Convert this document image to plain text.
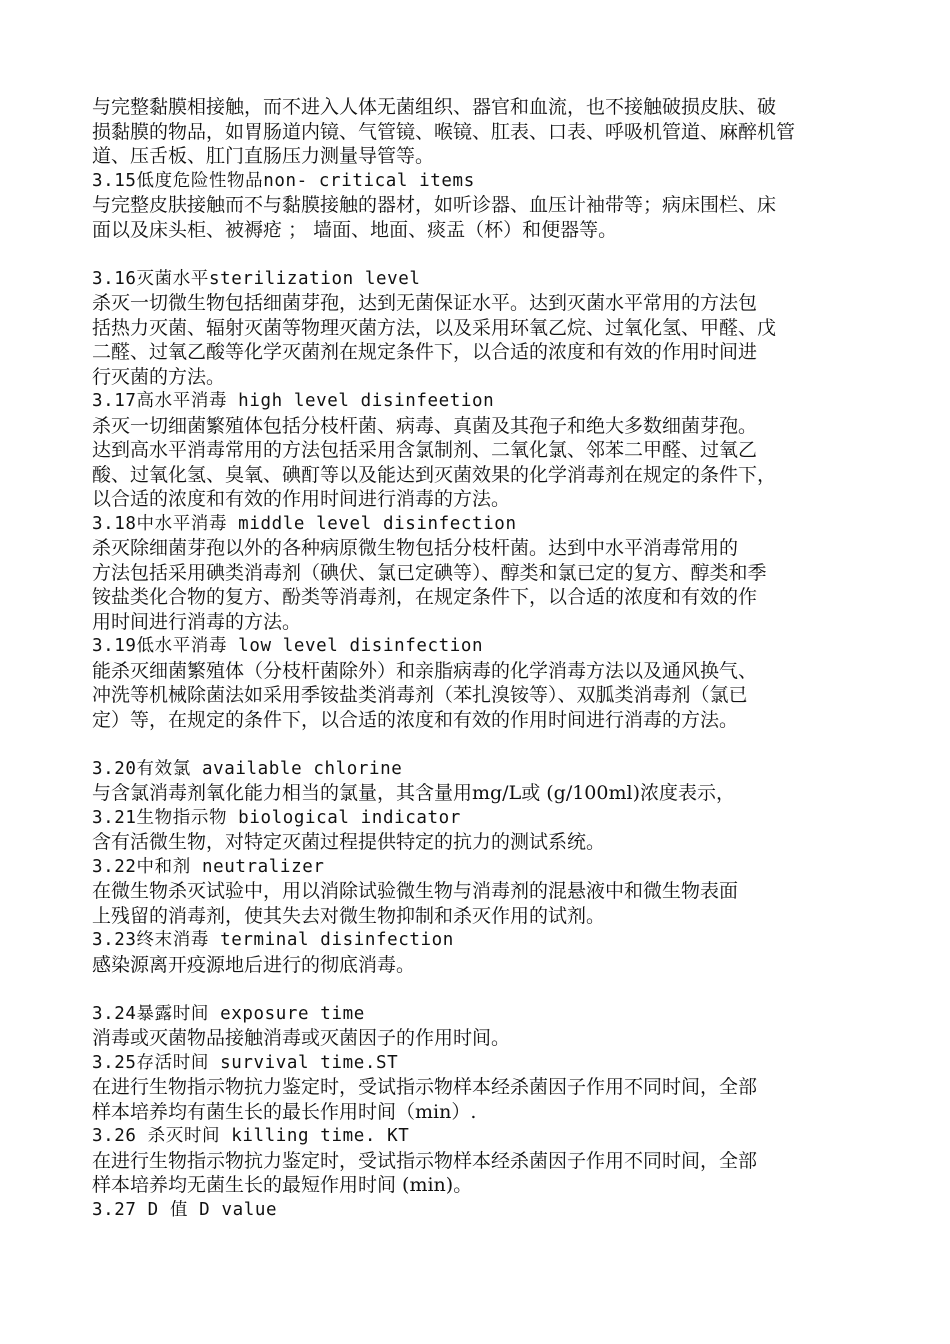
与完整黏膜相接触，而不进入人体无菌组织、器官和血流，也不接触破损皮肤、破
损黏膜的物品，如胃肠道内镜、气管镜、喉镜、肛表、口表、呼吸机管道、麻醉机管
道、压舌板、肛门直肠压力测量导管等。
3.15低度危险性物品non- critical items
与完整皮肤接触而不与黏膜接触的器材，如听诊器、血压计袖带等；病床围栏、床
面以及床头柜、被褥疮 ； 墙面、地面、痰盂（杯）和便器等。
3.16灭菌水平sterilization level
杀灭一切微生物包括细菌芽孢，达到无菌保证水平。达到灭菌水平常用的方法包
括热力灭菌、辐射灭菌等物理灭菌方法，以及采用环氧乙烷、过氧化氢、甲醛、戊
二醛、过氧乙酸等化学灭菌剂在规定条件下，以合适的浓度和有效的作用时间进
行灭菌的方法。
3.17高水平消毒 high level disinfeetion
杀灭一切细菌繁殖体包括分枝杆菌、病毒、真菌及其孢子和绝大多数细菌芽孢。
达到高水平消毒常用的方法包括采用含氯制剂、二氧化氯、邻苯二甲醛、过氧乙
酸、过氧化氢、臭氧、碘酊等以及能达到灭菌效果的化学消毒剂在规定的条件下，
以合适的浓度和有效的作用时间进行消毒的方法。
3.18中水平消毒 middle level disinfection
杀灭除细菌芽孢以外的各种病原微生物包括分枝杆菌。达到中水平消毒常用的
方法包括采用碘类消毒剂（碘伏、氯已定碘等）、醇类和氯已定的复方、醇类和季
铵盐类化合物的复方、酚类等消毒剂，在规定条件下，以合适的浓度和有效的作
用时间进行消毒的方法。
3.19低水平消毒 low level disinfection
能杀灭细菌繁殖体（分枝杆菌除外）和亲脂病毒的化学消毒方法以及通风换气、
冲洗等机械除菌法如采用季铵盐类消毒剂（苯扎溴铵等）、双胍类消毒剂（氯已
定）等，在规定的条件下，以合适的浓度和有效的作用时间进行消毒的方法。
3.20有效氯 available chlorine
与含氯消毒剂氧化能力相当的氯量，其含量用mg/L或 (g/100ml)浓度表示，
3.21生物指示物 biological indicator
含有活微生物，对特定灭菌过程提供特定的抗力的测试系统。
3.22中和剂 neutralizer
在微生物杀灭试验中，用以消除试验微生物与消毒剂的混悬液中和微生物表面
上残留的消毒剂，使其失去对微生物抑制和杀灭作用的试剂。
3.23终末消毒 terminal disinfection
感染源离开疫源地后进行的彻底消毒。
3.24暴露时间 exposure time
消毒或灭菌物品接触消毒或灭菌因子的作用时间。
3.25存活时间 survival time.ST
在进行生物指示物抗力鉴定时，受试指示物样本经杀菌因子作用不同时间，全部
样本培养均有菌生长的最长作用时间（min）.
3.26 杀灭时间 killing time. KT
在进行生物指示物抗力鉴定时，受试指示物样本经杀菌因子作用不同时间，全部
样本培养均无菌生长的最短作用时间 (min)。
3.27 D 值 D value
